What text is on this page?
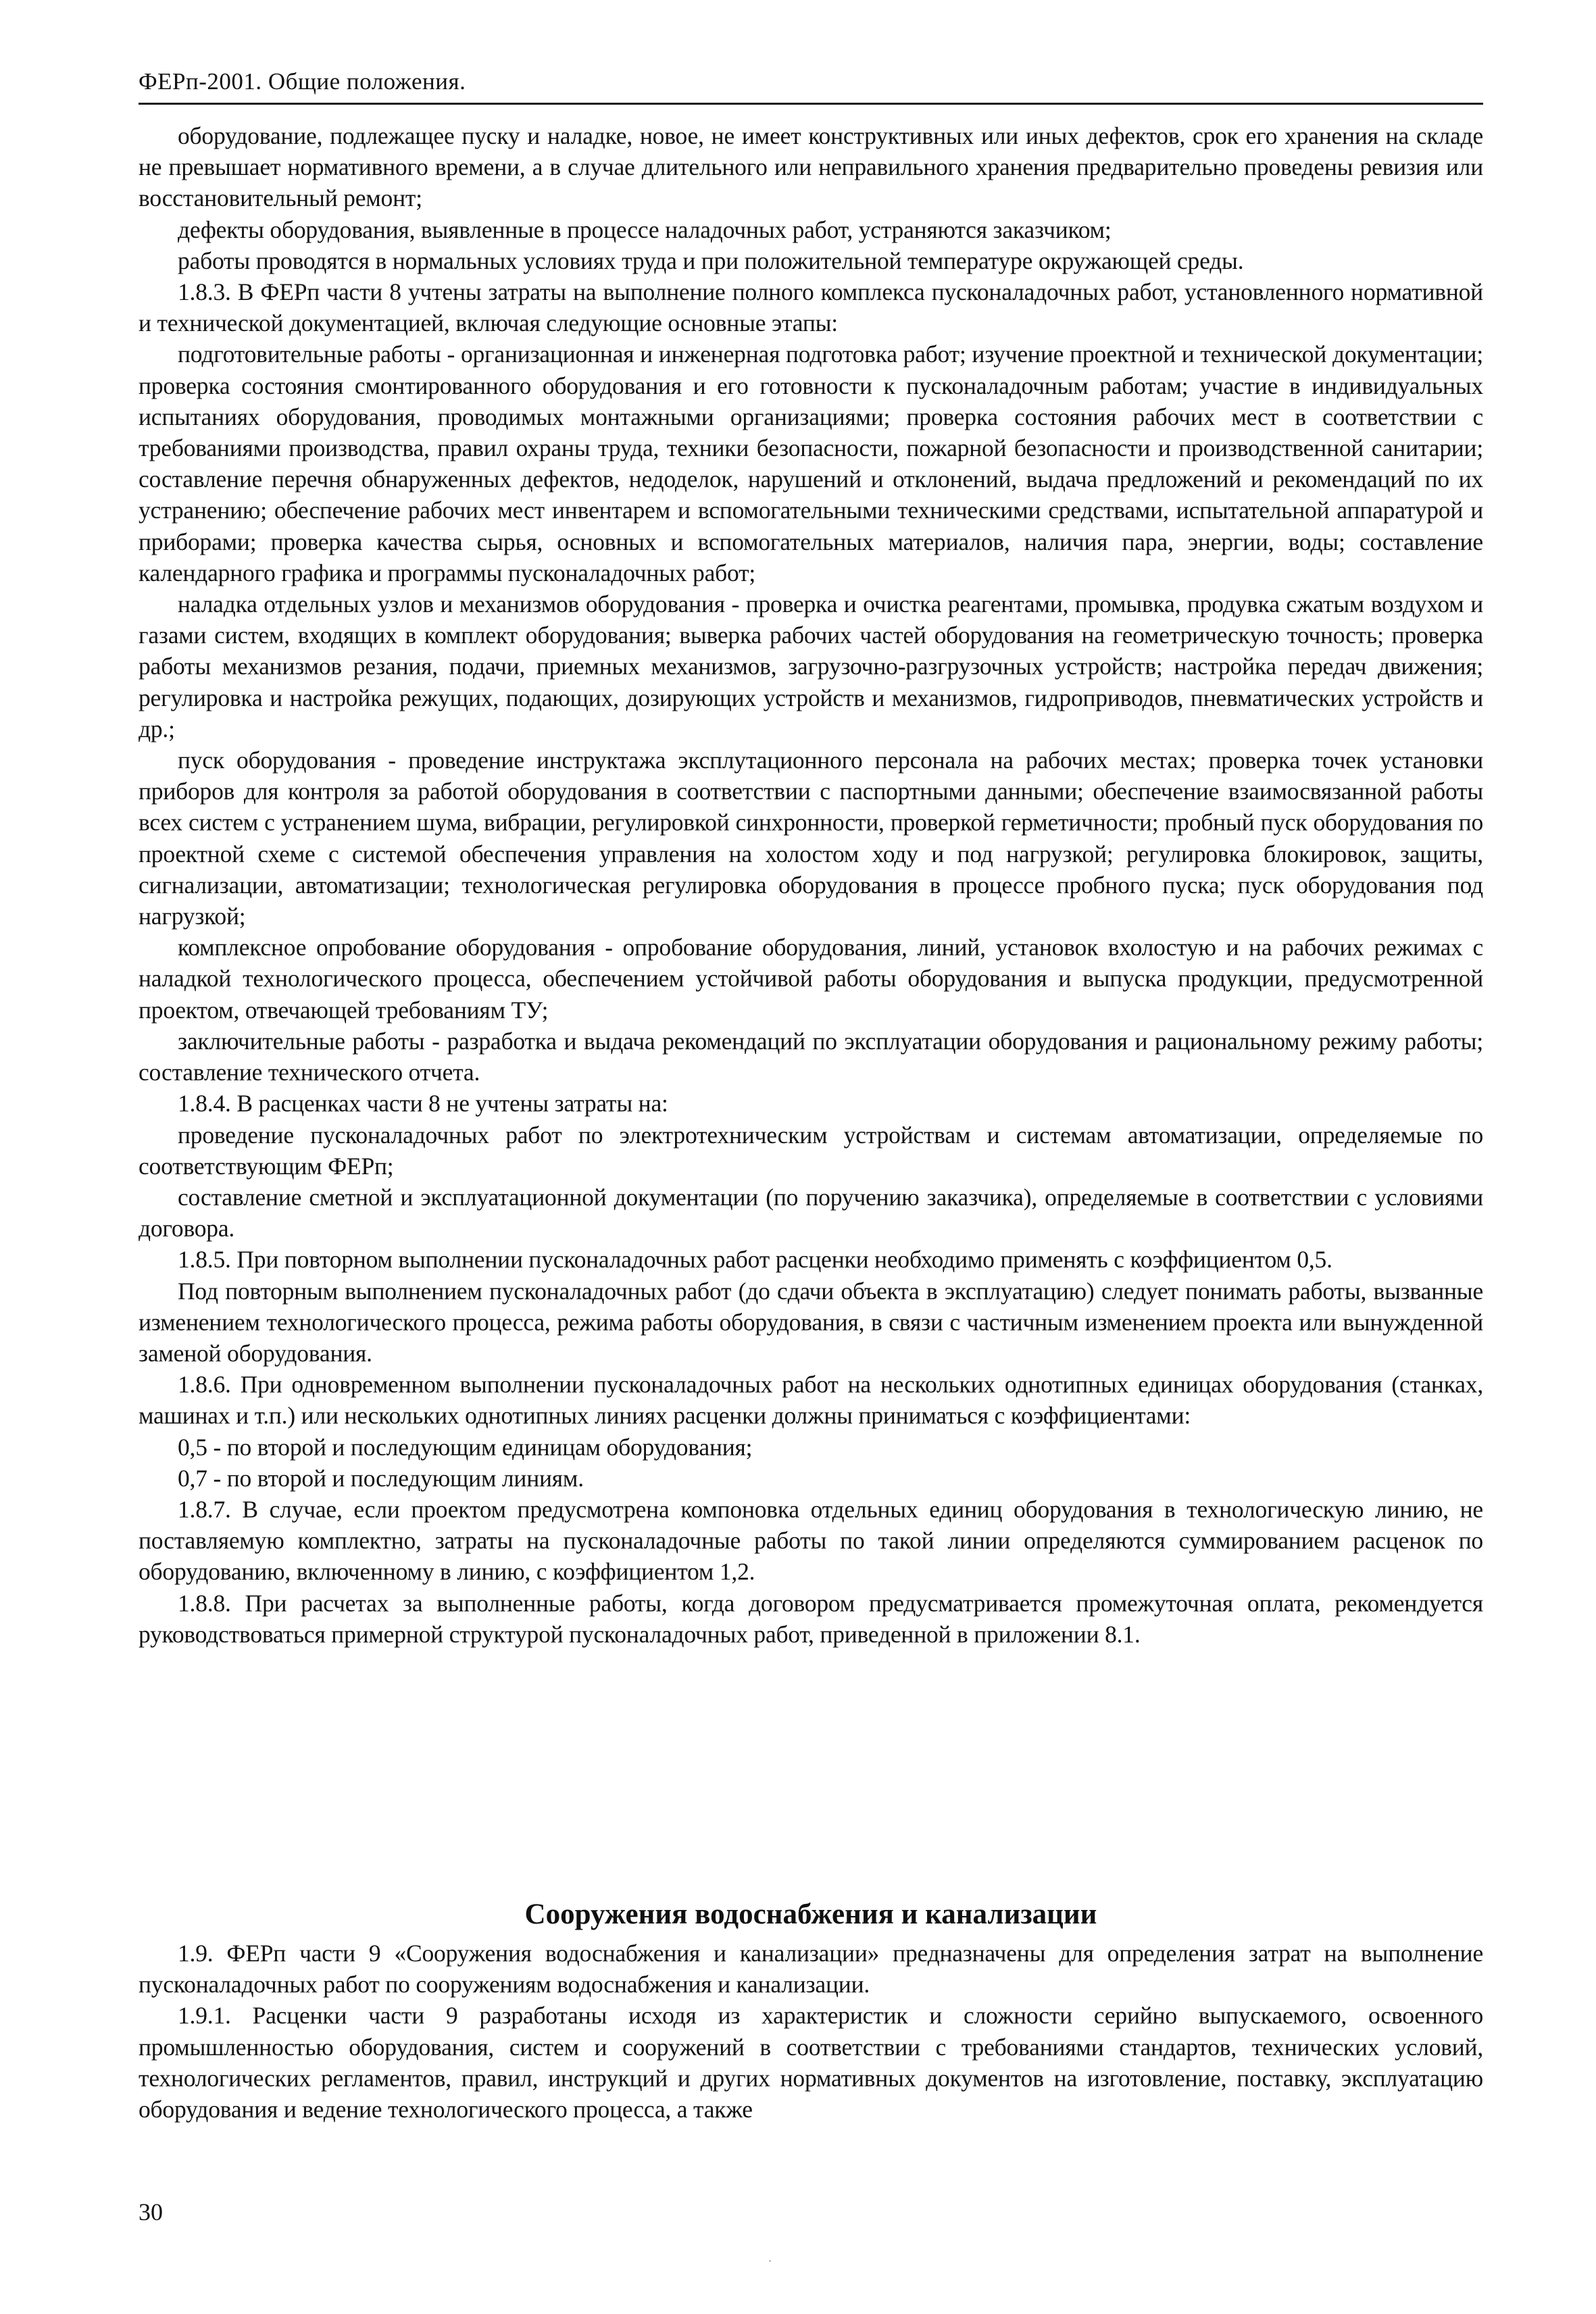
ФЕРп-2001. Общие положения.

оборудование, подлежащее пуску и наладке, новое, не имеет конструктивных или иных дефектов, срок его хранения на складе не превышает нормативного времени, а в случае длительного или неправильного хранения предварительно проведены ревизия или восстановительный ремонт;

дефекты оборудования, выявленные в процессе наладочных работ, устраняются заказчиком;

работы проводятся в нормальных условиях труда и при положительной температуре окружающей среды.

1.8.3. В ФЕРп части 8 учтены затраты на выполнение полного комплекса пусконаладочных работ, установленного нормативной и технической документацией, включая следующие основные этапы:

подготовительные работы - организационная и инженерная подготовка работ; изучение проектной и технической документации; проверка состояния смонтированного оборудования и его готовности к пусконаладочным работам; участие в индивидуальных испытаниях оборудования, проводимых монтажными организациями; проверка состояния рабочих мест в соответствии с требованиями производства, правил охраны труда, техники безопасности, пожарной безопасности и производственной санитарии; составление перечня обнаруженных дефектов, недоделок, нарушений и отклонений, выдача предложений и рекомендаций по их устранению; обеспечение рабочих мест инвентарем и вспомогательными техническими средствами, испытательной аппаратурой и приборами; проверка качества сырья, основных и вспомогательных материалов, наличия пара, энергии, воды; составление календарного графика и программы пусконаладочных работ;

наладка отдельных узлов и механизмов оборудования - проверка и очистка реагентами, промывка, продувка сжатым воздухом и газами систем, входящих в комплект оборудования; выверка рабочих частей оборудования на геометрическую точность; проверка работы механизмов резания, подачи, приемных механизмов, загрузочно-разгрузочных устройств; настройка передач движения; регулировка и настройка режущих, подающих, дозирующих устройств и механизмов, гидроприводов, пневматических устройств и др.;

пуск оборудования - проведение инструктажа эксплутационного персонала на рабочих местах; проверка точек установки приборов для контроля за работой оборудования в соответствии с паспортными данными; обеспечение взаимосвязанной работы всех систем с устранением шума, вибрации, регулировкой синхронности, проверкой герметичности; пробный пуск оборудования по проектной схеме с системой обеспечения управления на холостом ходу и под нагрузкой; регулировка блокировок, защиты, сигнализации, автоматизации; технологическая регулировка оборудования в процессе пробного пуска; пуск оборудования под нагрузкой;

комплексное опробование оборудования - опробование оборудования, линий, установок вхолостую и на рабочих режимах с наладкой технологического процесса, обеспечением устойчивой работы оборудования и выпуска продукции, предусмотренной проектом, отвечающей требованиям ТУ;

заключительные работы - разработка и выдача рекомендаций по эксплуатации оборудования и рациональному режиму работы; составление технического отчета.

1.8.4. В расценках части 8 не учтены затраты на:

проведение пусконаладочных работ по электротехническим устройствам и системам автоматизации, определяемые по соответствующим ФЕРп;

составление сметной и эксплуатационной документации (по поручению заказчика), определяемые в соответствии с условиями договора.

1.8.5. При повторном выполнении пусконаладочных работ расценки необходимо применять с коэффициентом 0,5.

Под повторным выполнением пусконаладочных работ (до сдачи объекта в эксплуатацию) следует понимать работы, вызванные изменением технологического процесса, режима работы оборудования, в связи с частичным изменением проекта или вынужденной заменой оборудования.

1.8.6. При одновременном выполнении пусконаладочных работ на нескольких однотипных единицах оборудования (станках, машинах и т.п.) или нескольких однотипных линиях расценки должны приниматься с коэффициентами:

0,5 - по второй и последующим единицам оборудования;

0,7 - по второй и последующим линиям.

1.8.7. В случае, если проектом предусмотрена компоновка отдельных единиц оборудования в технологическую линию, не поставляемую комплектно, затраты на пусконаладочные работы по такой линии определяются суммированием расценок по оборудованию, включенному в линию, с коэффициентом 1,2.

1.8.8. При расчетах за выполненные работы, когда договором предусматривается промежуточная оплата, рекомендуется руководствоваться примерной структурой пусконаладочных работ, приведенной в приложении 8.1.

Сооружения водоснабжения и канализации

1.9. ФЕРп части 9 «Сооружения водоснабжения и канализации» предназначены для определения затрат на выполнение пусконаладочных работ по сооружениям водоснабжения и канализации.

1.9.1. Расценки части 9 разработаны исходя из характеристик и сложности серийно выпускаемого, освоенного промышленностью оборудования, систем и сооружений в соответствии с требованиями стандартов, технических условий, технологических регламентов, правил, инструкций и других нормативных документов на изготовление, поставку, эксплуатацию оборудования и ведение технологического процесса, а также

30
